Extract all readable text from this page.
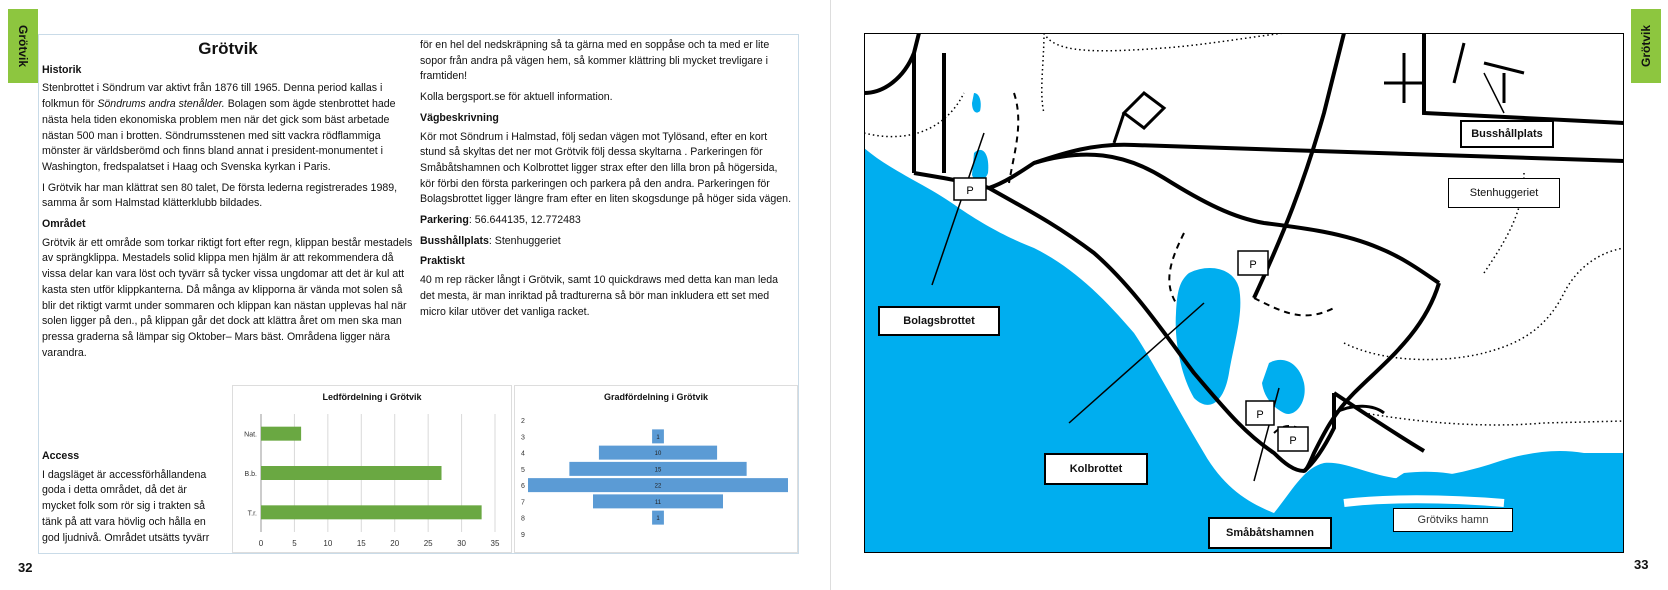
Grötvik
32
Grötvik
Historik

Stenbrottet i Söndrum var aktivt från 1876 till 1965. Denna period kallas i folkmun för Söndrums andra stenålder. Bolagen som ägde stenbrottet hade nästa hela tiden ekonomiska problem men när det gick som bäst arbetade nästan 500 man i brotten. Söndrumsstenen med sitt vackra rödflammiga mönster är världsberömd och finns bland annat i president-monumentet i Washington, fredspalatset i Haag och Svenska kyrkan i Paris.

I Grötvik har man klättrat sen 80 talet, De första lederna registrerades 1989, samma år som Halmstad klätterklubb bildades.

Området

Grötvik är ett område som torkar riktigt fort efter regn, klippan består mestadels av sprängklippa. Mestadels solid klippa men hjälm är att rekommendera då vissa delar kan vara löst och tyvärr så tycker vissa ungdomar att det är kul att kasta sten utför klippkanterna. Då många av klipporna är vända mot solen så blir det riktigt varmt under sommaren och klippan kan nästan upplevas hal när solen ligger på den., på klippan går det dock att klättra året om men ska man pressa graderna så lämpar sig Oktober– Mars bäst. Områdena ligger nära varandra.

Access

I dagsläget är accessförhållandena goda i detta området, då det är mycket folk som rör sig i trakten så tänk på att vara hövlig och hålla en god ljudnivå. Området utsätts tyvärr

för en hel del nedskräpning så ta gärna med en soppåse och ta med er lite sopor från andra på vägen hem, så kommer klättring bli mycket trevligare i framtiden!

Kolla bergsport.se för aktuell information.

Vägbeskrivning

Kör mot Söndrum i Halmstad, följ sedan vägen mot Tylösand, efter en kort stund så skyltas det ner mot Grötvik följ dessa skyltarna . Parkeringen för Småbåtshamnen och Kolbrottet ligger strax efter den lilla bron på högersida, kör förbi den första parkeringen och parkera på den andra. Parkeringen för Bolagsbrottet ligger längre fram efter en liten skogsdunge på höger sida vägen.

Parkering: 56.644135, 12.772483

Busshållplats: Stenhuggeriet

Praktiskt

40 m rep räcker långt i Grötvik, samt 10 quickdraws med detta kan man leda det mesta, är man inriktad på tradturerna så bör man inkludera ett set med micro kilar utöver det vanliga racket.

Ledfördelning i Grötvik
0	5	10	15	20	25	30	35
Nat.
B.b.
T.r.
Gradfördelning i Grötvik
2
3	1
4	10
5	15
6	22
7	11
8	1
9
Grötvik
33
P
P
P
P
Busshållplats
Stenhuggeriet
Bolagsbrottet
Kolbrottet
Småbåtshamnen
Grötviks hamn
